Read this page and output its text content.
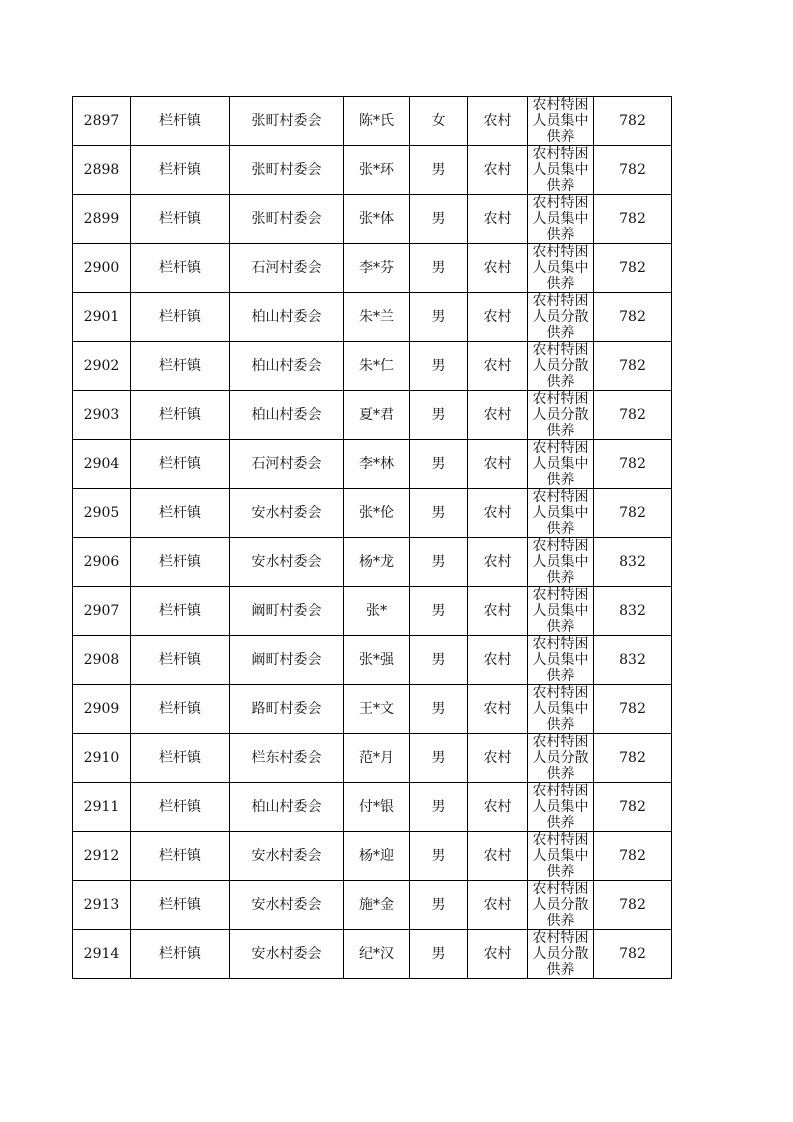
2897	栏杆镇	张町村委会	陈*氏	女	农村	农村特困人员集中供养	782
2898	栏杆镇	张町村委会	张*环	男	农村	农村特困人员集中供养	782
2899	栏杆镇	张町村委会	张*体	男	农村	农村特困人员集中供养	782
2900	栏杆镇	石河村委会	李*芬	男	农村	农村特困人员集中供养	782
2901	栏杆镇	柏山村委会	朱*兰	男	农村	农村特困人员分散供养	782
2902	栏杆镇	柏山村委会	朱*仁	男	农村	农村特困人员分散供养	782
2903	栏杆镇	柏山村委会	夏*君	男	农村	农村特困人员分散供养	782
2904	栏杆镇	石河村委会	李*林	男	农村	农村特困人员集中供养	782
2905	栏杆镇	安水村委会	张*伦	男	农村	农村特困人员集中供养	782
2906	栏杆镇	安水村委会	杨*龙	男	农村	农村特困人员集中供养	832
2907	栏杆镇	阚町村委会	张*	男	农村	农村特困人员集中供养	832
2908	栏杆镇	阚町村委会	张*强	男	农村	农村特困人员集中供养	832
2909	栏杆镇	路町村委会	王*文	男	农村	农村特困人员集中供养	782
2910	栏杆镇	栏东村委会	范*月	男	农村	农村特困人员分散供养	782
2911	栏杆镇	柏山村委会	付*银	男	农村	农村特困人员集中供养	782
2912	栏杆镇	安水村委会	杨*迎	男	农村	农村特困人员集中供养	782
2913	栏杆镇	安水村委会	施*金	男	农村	农村特困人员分散供养	782
2914	栏杆镇	安水村委会	纪*汉	男	农村	农村特困人员分散供养	782
